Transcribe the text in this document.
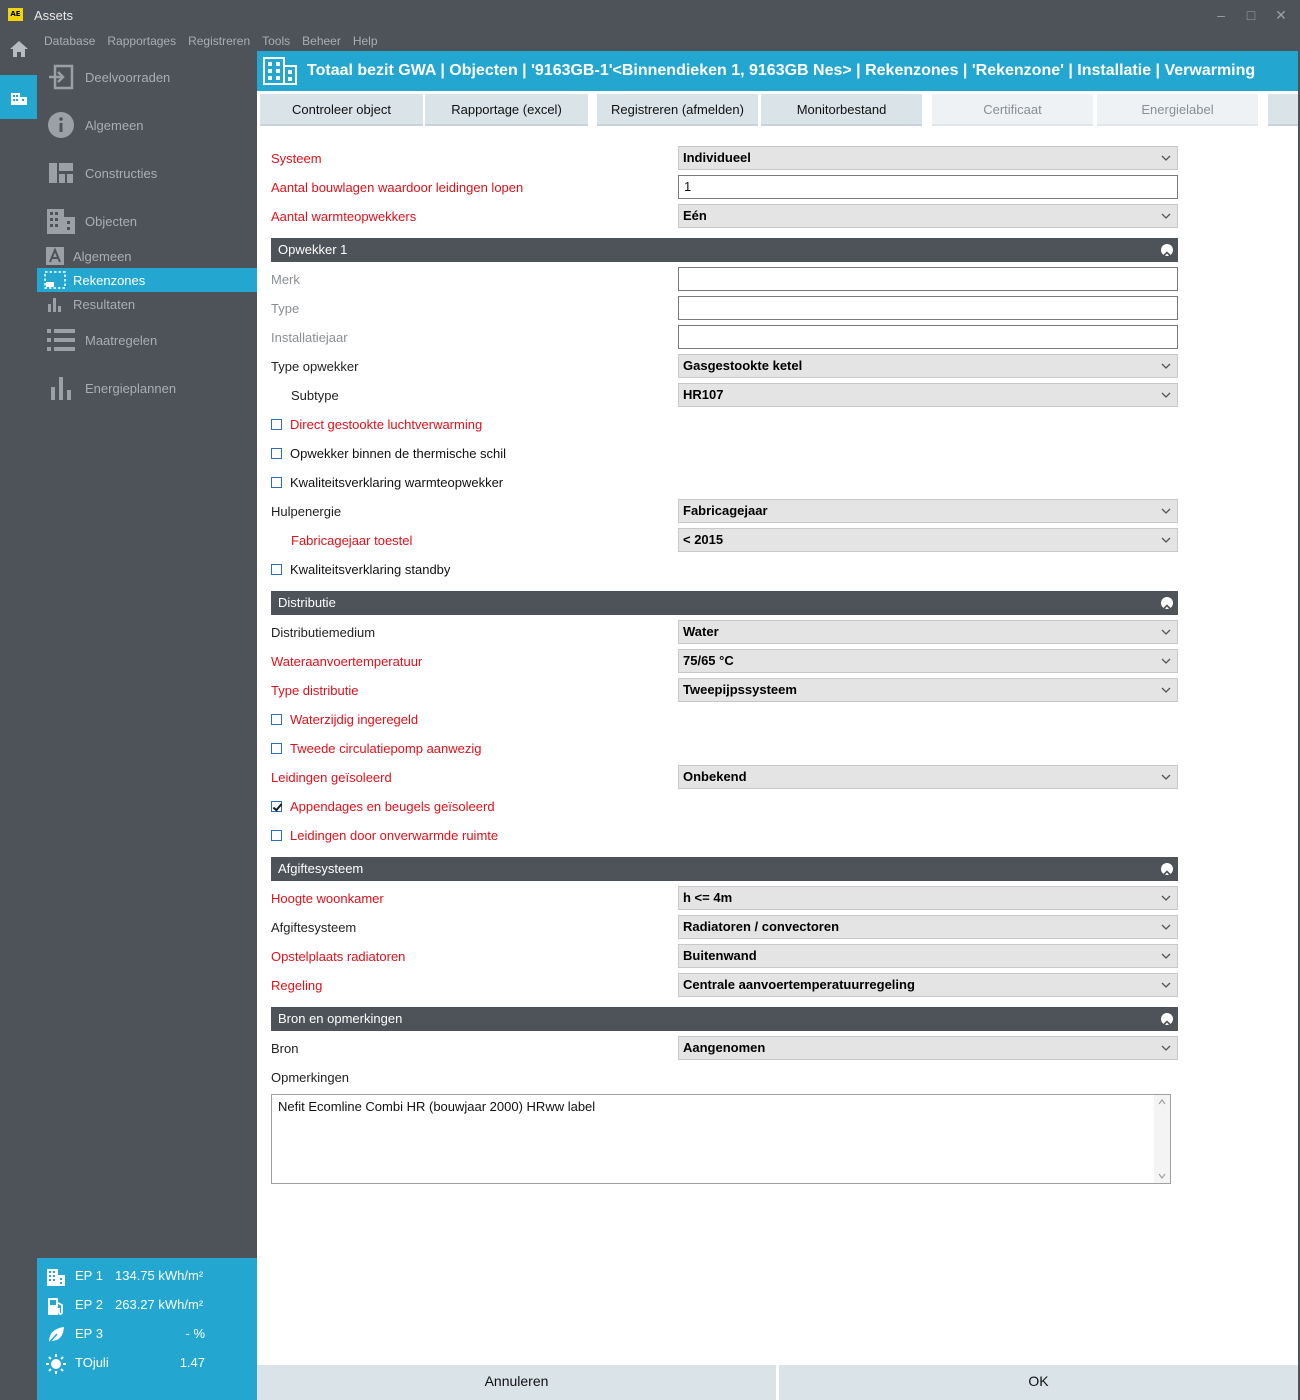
AE Assets	–	□	✕
Database Rapportages Registreren Tools Beheer Help
Deelvoorraden
Algemeen
Constructies
Objecten
Algemeen
Rekenzones
Resultaten
Maatregelen
Energieplannen
EP 1 134.75 kWh/m²
EP 2 263.27 kWh/m²
EP 3	- %
TOjuli	1.47
Totaal bezit GWA | Objecten | '9163GB-1'<Binnendieken 1, 9163GB Nes> | Rekenzones | 'Rekenzone' | Installatie | Verwarming
Controleer object	Rapportage (excel)	Registreren (afmelden)	Monitorbestand	Certificaat	Energielabel
Systeem	Individueel
Aantal bouwlagen waardoor leidingen lopen	1
Aantal warmteopwekkers	Eén
Opwekker 1
Merk
Type
Installatiejaar
Type opwekker	Gasgestookte ketel
Subtype	HR107
Direct gestookte luchtverwarming
Opwekker binnen de thermische schil
Kwaliteitsverklaring warmteopwekker
Hulpenergie	Fabricagejaar
Fabricagejaar toestel	< 2015
Kwaliteitsverklaring standby
Distributie
Distributiemedium	Water
Wateraanvoertemperatuur	75/65 °C
Type distributie	Tweepijpssysteem
Waterzijdig ingeregeld
Tweede circulatiepomp aanwezig
Leidingen geïsoleerd	Onbekend
Appendages en beugels geïsoleerd
Leidingen door onverwarmde ruimte
Afgiftesysteem
Hoogte woonkamer	h <= 4m
Afgiftesysteem	Radiatoren / convectoren
Opstelplaats radiatoren	Buitenwand
Regeling	Centrale aanvoertemperatuurregeling
Bron en opmerkingen
Bron	Aangenomen
Opmerkingen
Nefit Ecomline Combi HR (bouwjaar 2000) HRww label
Annuleren	OK
